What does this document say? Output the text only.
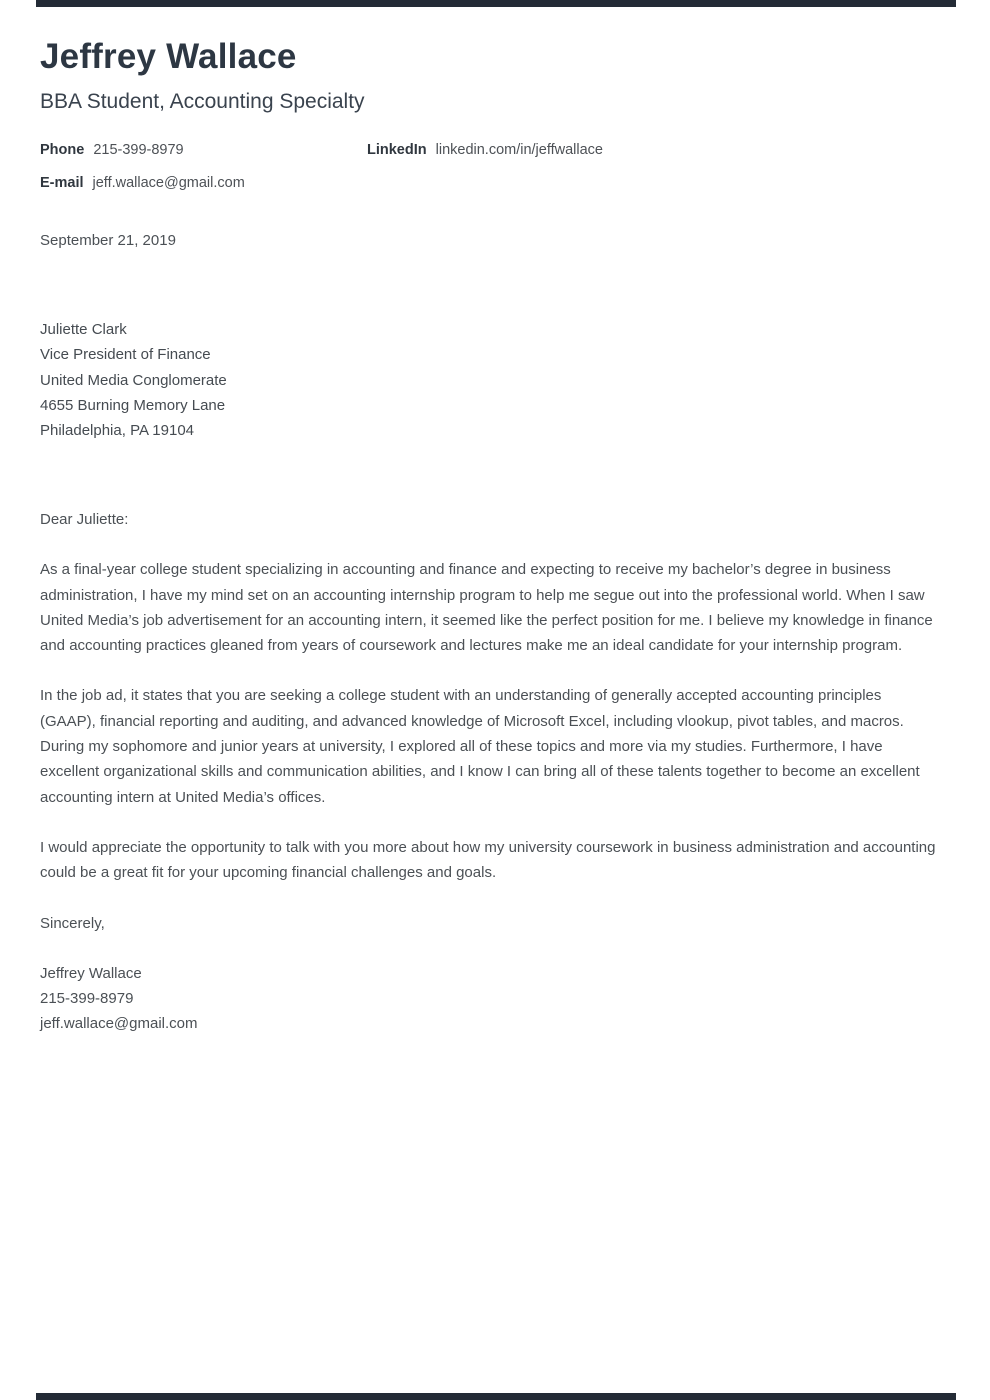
Jeffrey Wallace
BBA Student, Accounting Specialty
Phone 215-399-8979	LinkedIn linkedin.com/in/jeffwallace
E-mail jeff.wallace@gmail.com
September 21, 2019
Juliette Clark
Vice President of Finance
United Media Conglomerate
4655 Burning Memory Lane
Philadelphia, PA 19104

Dear Juliette:

As a final-year college student specializing in accounting and finance and expecting to receive my bachelor’s degree in business administration, I have my mind set on an accounting internship program to help me segue out into the professional world. When I saw United Media’s job advertisement for an accounting intern, it seemed like the perfect position for me. I believe my knowledge in finance and accounting practices gleaned from years of coursework and lectures make me an ideal candidate for your internship program.

In the job ad, it states that you are seeking a college student with an understanding of generally accepted accounting principles (GAAP), financial reporting and auditing, and advanced knowledge of Microsoft Excel, including vlookup, pivot tables, and macros. During my sophomore and junior years at university, I explored all of these topics and more via my studies. Furthermore, I have excellent organizational skills and communication abilities, and I know I can bring all of these talents together to become an excellent accounting intern at United Media’s offices.

I would appreciate the opportunity to talk with you more about how my university coursework in business administration and accounting could be a great fit for your upcoming financial challenges and goals.

Sincerely,

Jeffrey Wallace

215-399-8979

jeff.wallace@gmail.com
